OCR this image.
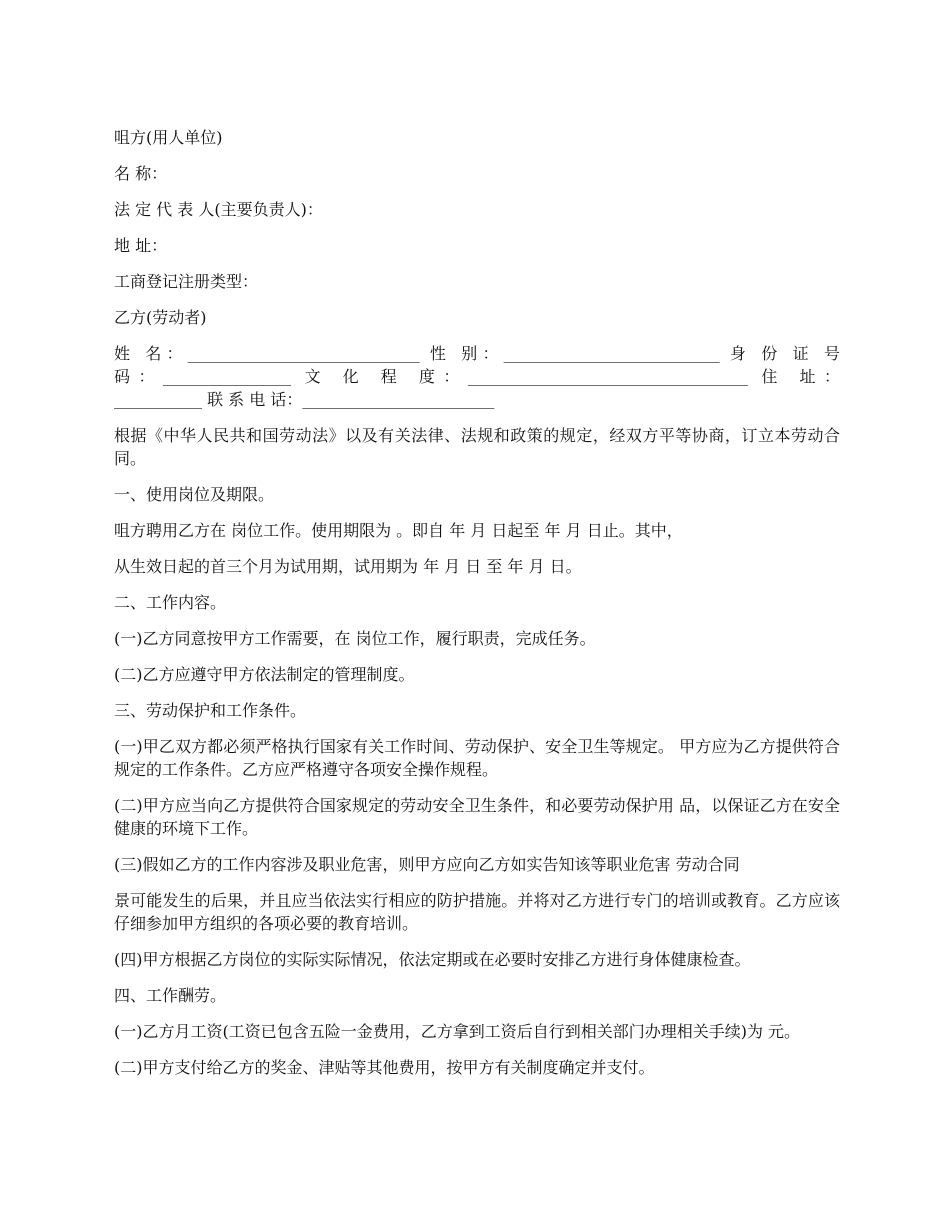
咀方(用人单位)

名 称：

法 定 代 表 人(主要负责人)：

地 址：

工商登记注册类型：

乙方(劳动者)

姓 名：_____________________________ 性 别：___________________________ 身 份 证 号

码：________________ 文 化 程 度：___________________________________ 住 址：

___________ 联 系 电 话：________________________

根据《中华人民共和国劳动法》以及有关法律、法规和政策的规定，经双方平等协商，订立本劳动合同。

一、使用岗位及期限。

咀方聘用乙方在 岗位工作。使用期限为 。即自 年 月 日起至 年 月 日止。其中，

从生效日起的首三个月为试用期，试用期为 年 月 日 至 年 月 日。

二、工作内容。

(一)乙方同意按甲方工作需要，在 岗位工作，履行职责，完成任务。

(二)乙方应遵守甲方依法制定的管理制度。

三、劳动保护和工作条件。

(一)甲乙双方都必须严格执行国家有关工作时间、劳动保护、安全卫生等规定。 甲方应为乙方提供符合规定的工作条件。乙方应严格遵守各项安全操作规程。

(二)甲方应当向乙方提供符合国家规定的劳动安全卫生条件，和必要劳动保护用 品，以保证乙方在安全健康的环境下工作。

(三)假如乙方的工作内容涉及职业危害，则甲方应向乙方如实告知该等职业危害 劳动合同

景可能发生的后果，并且应当依法实行相应的防护措施。并将对乙方进行专门的培训或教育。乙方应该仔细参加甲方组织的各项必要的教育培训。

(四)甲方根据乙方岗位的实际实际情况，依法定期或在必要时安排乙方进行身体健康检查。

四、工作酬劳。

(一)乙方月工资(工资已包含五险一金费用，乙方拿到工资后自行到相关部门办理相关手续)为 元。

(二)甲方支付给乙方的奖金、津贴等其他费用，按甲方有关制度确定并支付。
